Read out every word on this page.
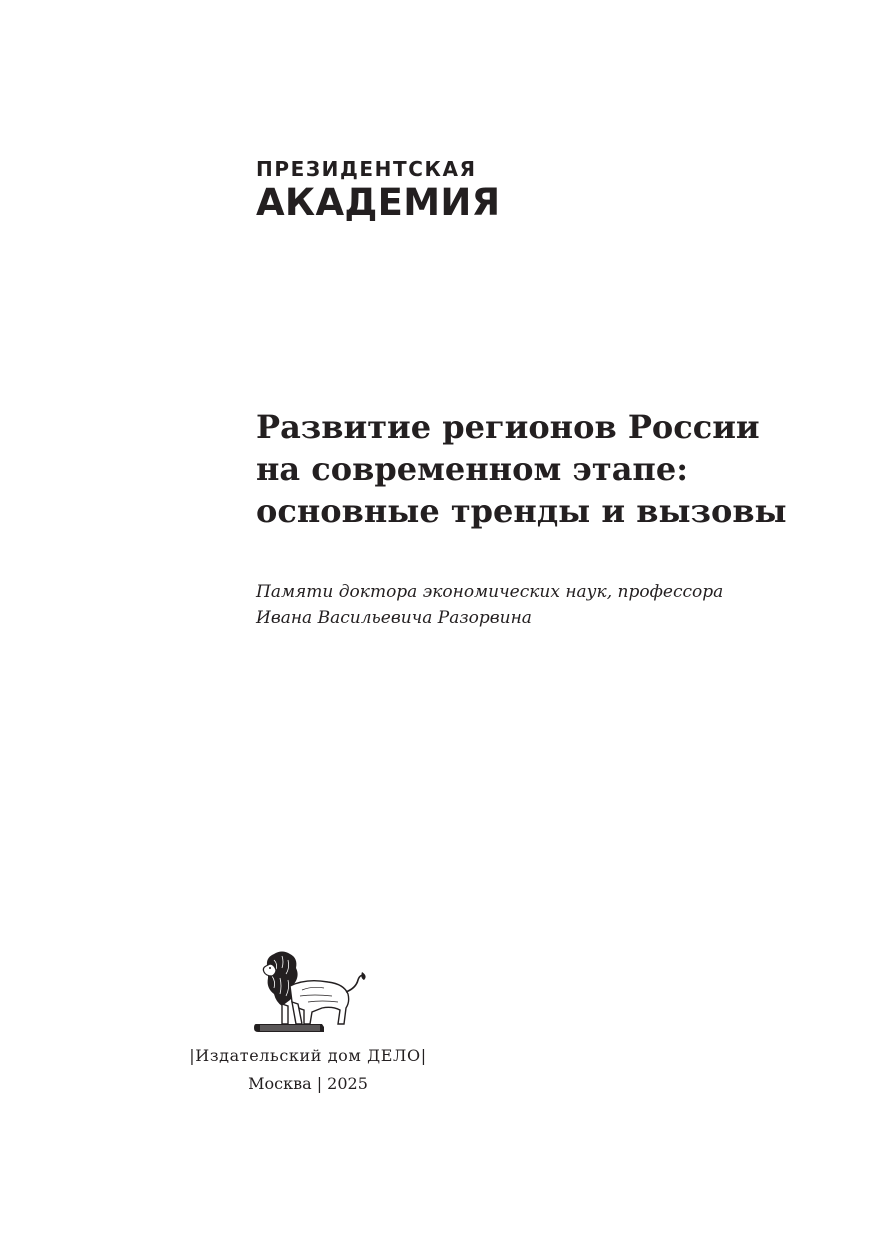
ПРЕЗИДЕНТСКАЯ

АКАДЕМИЯ

Развитие регионов России
на современном этапе:
основные тренды и вызовы
Памяти доктора экономических наук, профессора
Ивана Васильевича Разорвина
|Издательский дом ДЕЛО|
Москва | 2025
